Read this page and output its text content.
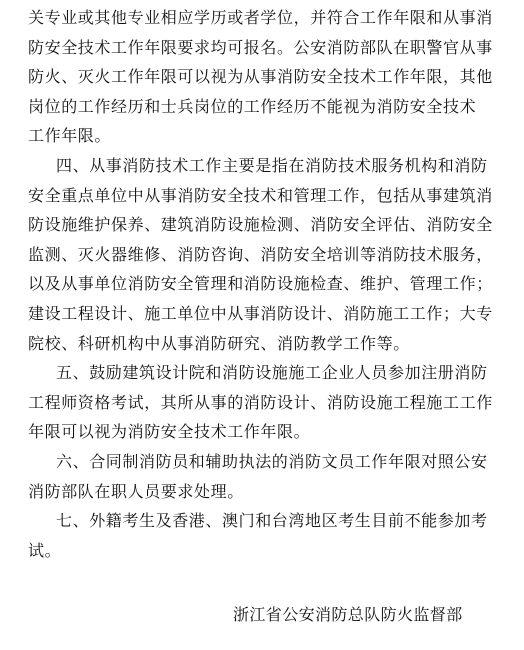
关专业或其他专业相应学历或者学位，并符合工作年限和从事消
防安全技术工作年限要求均可报名。公安消防部队在职警官从事
防火、灭火工作年限可以视为从事消防安全技术工作年限，其他
岗位的工作经历和士兵岗位的工作经历不能视为消防安全技术
工作年限。
四、从事消防技术工作主要是指在消防技术服务机构和消防
安全重点单位中从事消防安全技术和管理工作，包括从事建筑消
防设施维护保养、建筑消防设施检测、消防安全评估、消防安全
监测、灭火器维修、消防咨询、消防安全培训等消防技术服务，
以及从事单位消防安全管理和消防设施检查、维护、管理工作；
建设工程设计、施工单位中从事消防设计、消防施工工作；大专
院校、科研机构中从事消防研究、消防教学工作等。
五、鼓励建筑设计院和消防设施施工企业人员参加注册消防
工程师资格考试，其所从事的消防设计、消防设施工程施工工作
年限可以视为消防安全技术工作年限。
六、合同制消防员和辅助执法的消防文员工作年限对照公安
消防部队在职人员要求处理。
七、外籍考生及香港、澳门和台湾地区考生目前不能参加考
试。
浙江省公安消防总队防火监督部
